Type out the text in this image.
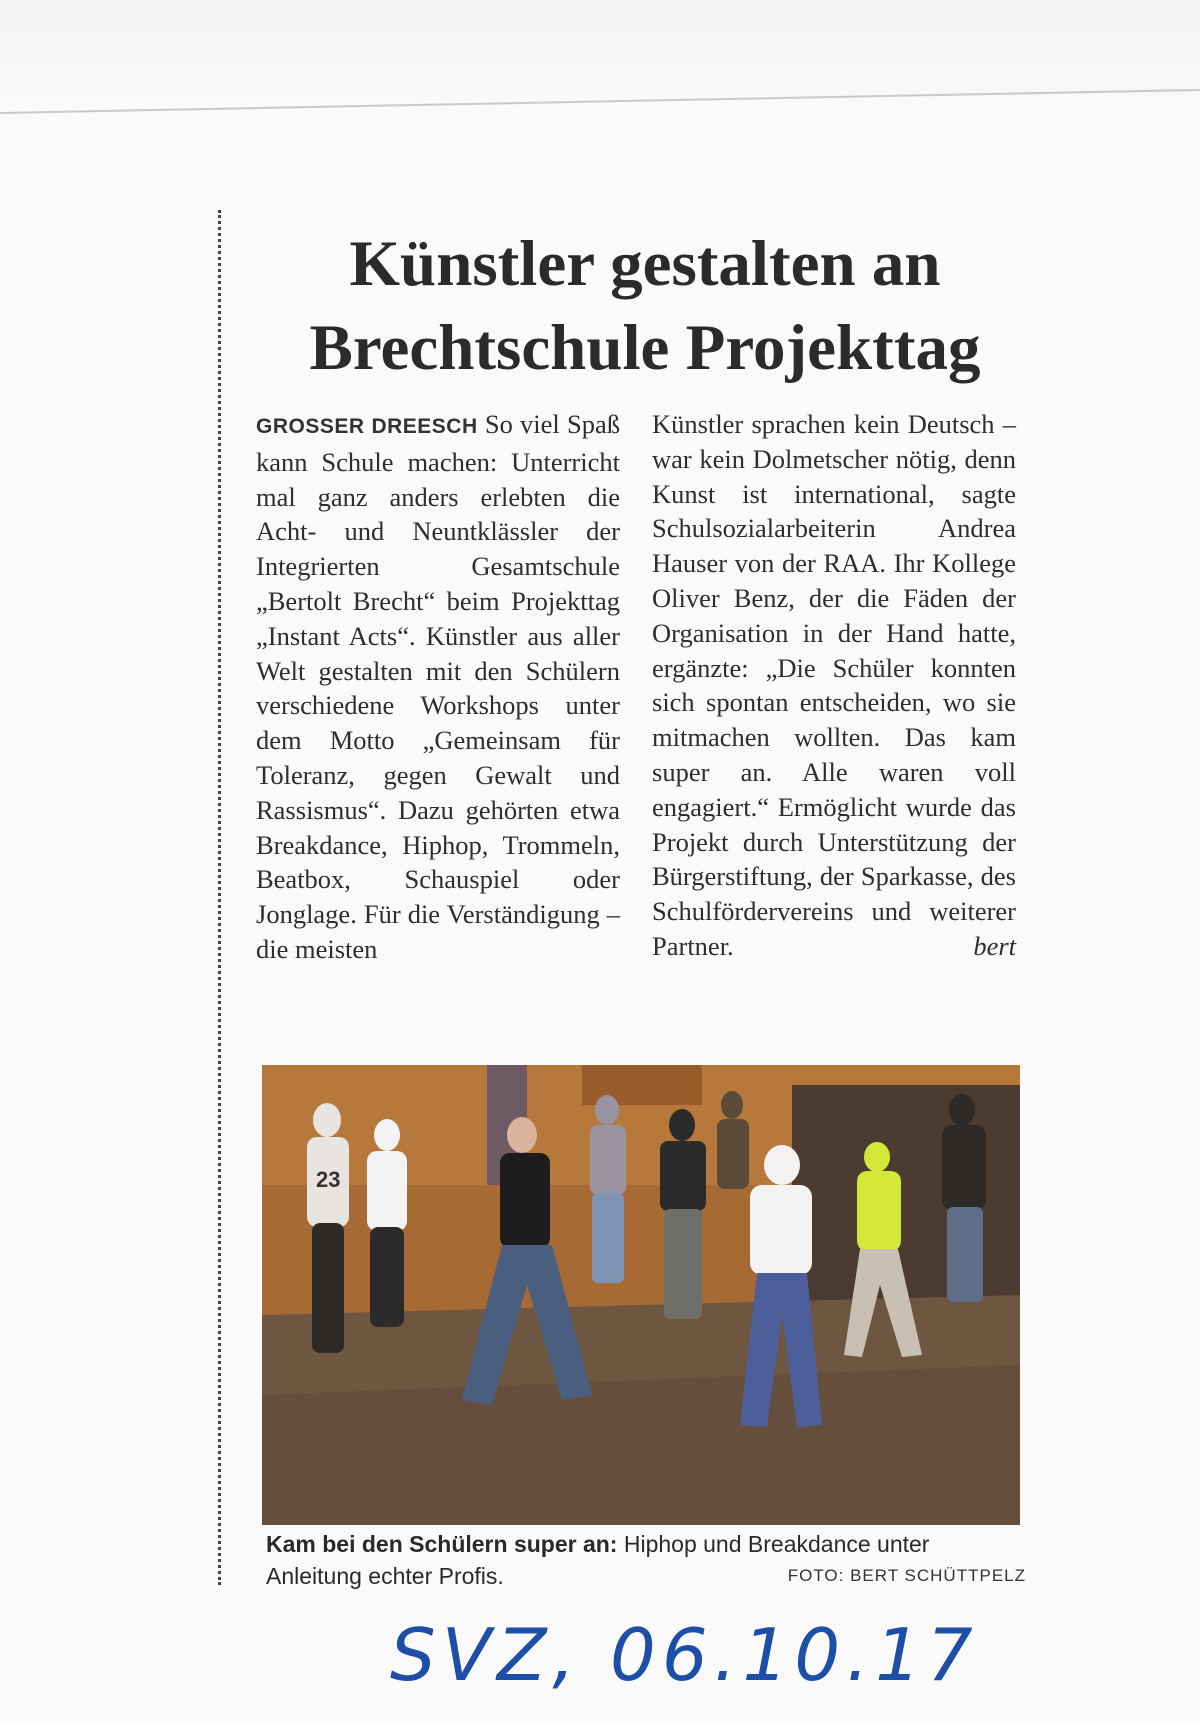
Künstler gestalten an
Brechtschule Projekttag
GROSSER DREESCH So viel Spaß kann Schule machen: Unterricht mal ganz anders erlebten die Acht- und Neuntklässler der Integrierten Gesamtschule „Bertolt Brecht“ beim Projekttag „Instant Acts“. Künstler aus aller Welt gestalten mit den Schülern verschiedene Workshops unter dem Motto „Gemeinsam für Toleranz, gegen Gewalt und Rassismus“. Dazu gehörten etwa Breakdance, Hiphop, Trommeln, Beatbox, Schauspiel oder Jonglage. Für die Verständigung – die meisten
Künstler sprachen kein Deutsch – war kein Dolmetscher nötig, denn Kunst ist international, sagte Schulsozialarbeiterin Andrea Hauser von der RAA. Ihr Kollege Oliver Benz, der die Fäden der Organisation in der Hand hatte, ergänzte: „Die Schüler konnten sich spontan entscheiden, wo sie mitmachen wollten. Das kam super an. Alle waren voll engagiert.“ Ermöglicht wurde das Projekt durch Unterstützung der Bürgerstiftung, der Sparkasse, des Schulfördervereins und weiterer Partner.	bert
23
Kam bei den Schülern super an: Hiphop und Breakdance unter Anleitung echter Profis.	FOTO: BERT SCHÜTTPELZ
SVZ, 06.10.17
